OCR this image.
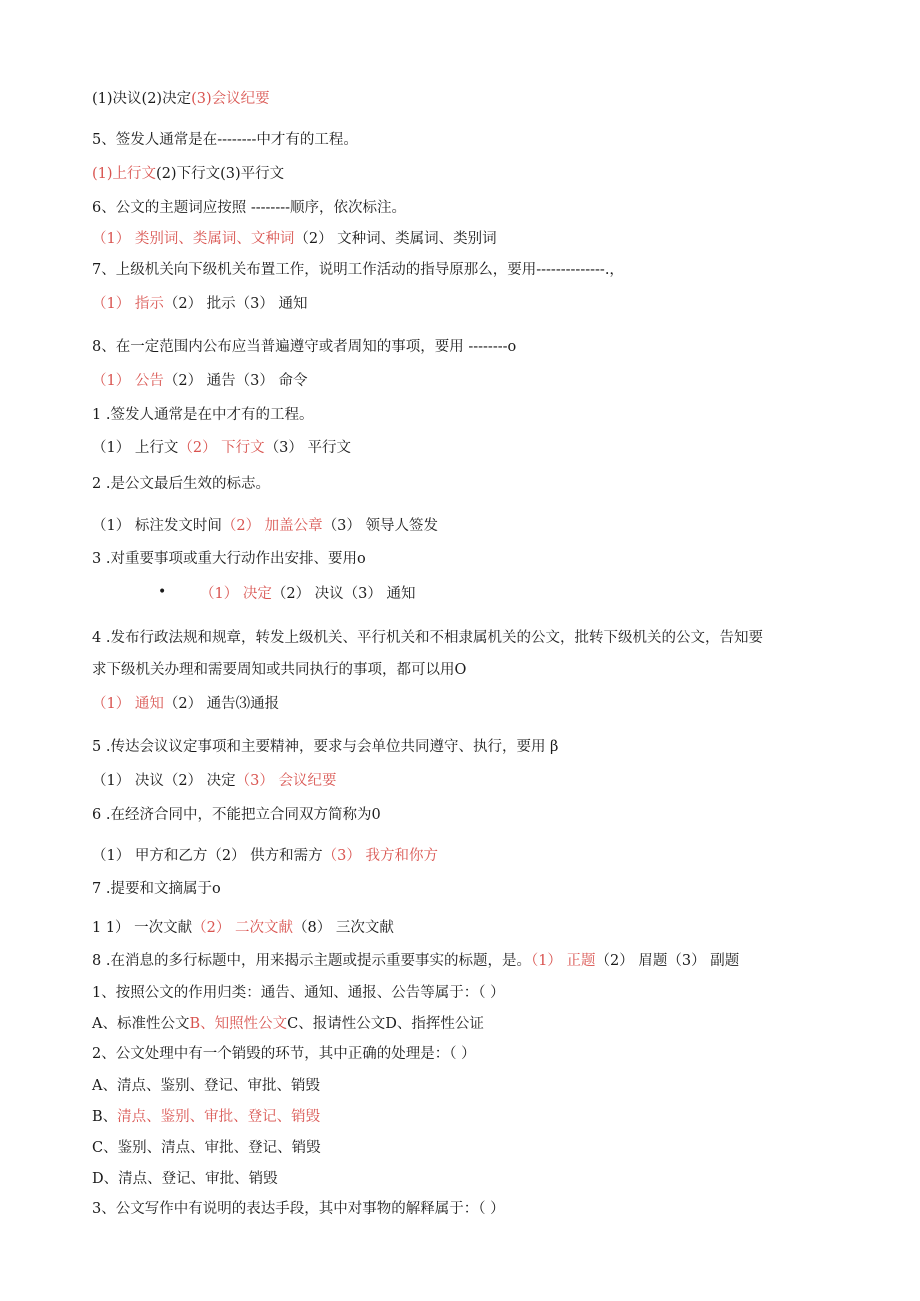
(1)决议(2)决定(3)会议纪要
5、签发人通常是在--------中才有的工程。
(1)上行文(2)下行文(3)平行文
6、公文的主题词应按照 --------顺序，依次标注。
（1） 类别词、类属词、文种词（2） 文种词、类属词、类别词
7、上级机关向下级机关布置工作，说明工作活动的指导原那么，要用--------------.，
（1） 指示（2） 批示（3） 通知
8、在一定范围内公布应当普遍遵守或者周知的事项，要用 --------o
（1） 公告（2） 通告（3） 命令
1 .签发人通常是在中才有的工程。
（1） 上行文（2） 下行文（3） 平行文
2 .是公文最后生效的标志。
（1） 标注发文时间（2） 加盖公章（3） 领导人签发
3 .对重要事项或重大行动作出安排、要用o
• （1） 决定（2） 决议（3） 通知
4 .发布行政法规和规章，转发上级机关、平行机关和不相隶属机关的公文，批转下级机关的公文，告知要
求下级机关办理和需要周知或共同执行的事项，都可以用O
（1） 通知（2） 通告⑶通报
5 .传达会议议定事项和主要精神，要求与会单位共同遵守、执行，要用 β
（1） 决议（2） 决定（3） 会议纪要
6 .在经济合同中，不能把立合同双方简称为0
（1） 甲方和乙方（2） 供方和需方（3） 我方和你方
7 .提要和文摘属于o
1 1） 一次文献（2） 二次文献（8） 三次文献
8 .在消息的多行标题中，用来揭示主题或提示重要事实的标题，是。（1） 正题（2） 眉题（3） 副题
1、按照公文的作用归类：通告、通知、通报、公告等属于：（ ）
A、标准性公文B、知照性公文C、报请性公文D、指挥性公证
2、公文处理中有一个销毁的环节，其中正确的处理是：（ ）
A、清点、鉴别、登记、审批、销毁
B、清点、鉴别、审批、登记、销毁
C、鉴别、清点、审批、登记、销毁
D、清点、登记、审批、销毁
3、公文写作中有说明的表达手段，其中对事物的解释属于：（ ）
